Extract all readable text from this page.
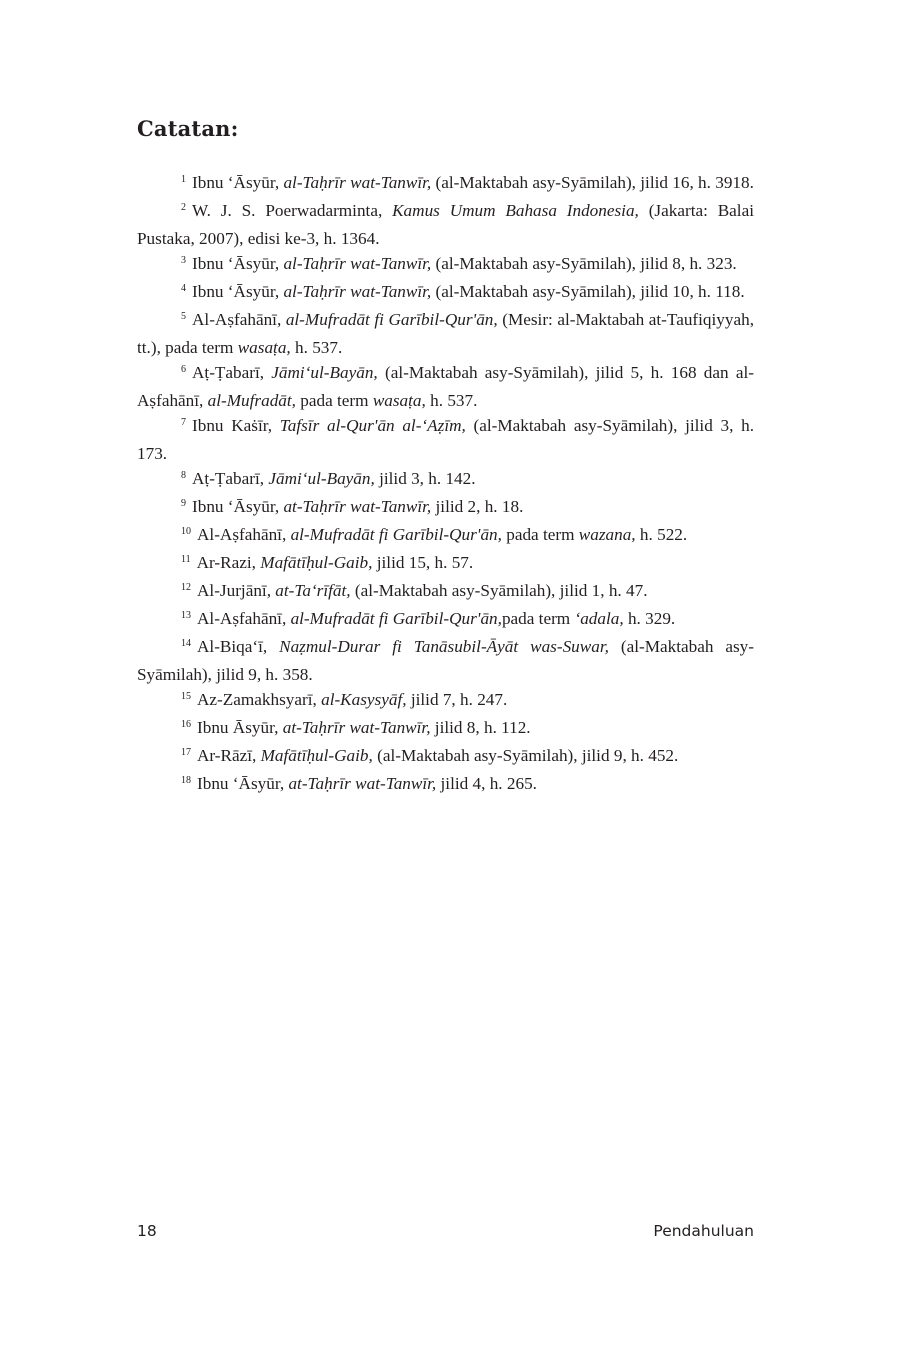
Catatan:

$^1$ Ibnu ‘Āsyūr, al-Taḥrīr wat-Tanwīr, (al-Maktabah asy-Syāmilah), jilid 16, h. 3918.

$^2$ W. J. S. Poerwadarminta, Kamus Umum Bahasa Indonesia, (Jakarta: Balai Pustaka, 2007), edisi ke-3, h. 1364.

$^3$ Ibnu ‘Āsyūr, al-Taḥrīr wat-Tanwīr, (al-Maktabah asy-Syāmilah), jilid 8, h. 323.

$^4$ Ibnu ‘Āsyūr, al-Taḥrīr wat-Tanwīr, (al-Maktabah asy-Syāmilah), jilid 10, h. 118.

$^5$ Al-Aṣfahānī, al-Mufradāt fi Garībil-Qur'ān, (Mesir: al-Maktabah at-Taufiqiyyah, tt.), pada term wasaṭa, h. 537.

$^6$ Aṭ-Ṭabarī, Jāmi‘ul-Bayān, (al-Maktabah asy-Syāmilah), jilid 5, h. 168 dan al-Aṣfahānī, al-Mufradāt, pada term wasaṭa, h. 537.

$^7$ Ibnu Kaṡīr, Tafsīr al-Qur'ān al-‘Aẓīm, (al-Maktabah asy-Syāmilah), jilid 3, h. 173.

$^8$ Aṭ-Ṭabarī, Jāmi‘ul-Bayān, jilid 3, h. 142.

$^9$ Ibnu ‘Āsyūr, at-Taḥrīr wat-Tanwīr, jilid 2, h. 18.

$^{10}$ Al-Aṣfahānī, al-Mufradāt fi Garībil-Qur'ān, pada term wazana, h. 522.

$^{11}$ Ar-Razi, Mafātīḥul-Gaib, jilid 15, h. 57.

$^{12}$ Al-Jurjānī, at-Ta‘rīfāt, (al-Maktabah asy-Syāmilah), jilid 1, h. 47.

$^{13}$ Al-Aṣfahānī, al-Mufradāt fi Garībil-Qur'ān,pada term ‘adala, h. 329.

$^{14}$ Al-Biqa‘ī, Naẓmul-Durar fi Tanāsubil-Āyāt was-Suwar, (al-Maktabah asy-Syāmilah), jilid 9, h. 358.

$^{15}$ Az-Zamakhsyarī, al-Kasysyāf, jilid 7, h. 247.

$^{16}$ Ibnu Āsyūr, at-Taḥrīr wat-Tanwīr, jilid 8, h. 112.

$^{17}$ Ar-Rāzī, Mafātīḥul-Gaib, (al-Maktabah asy-Syāmilah), jilid 9, h. 452.

$^{18}$ Ibnu ‘Āsyūr, at-Taḥrīr wat-Tanwīr, jilid 4, h. 265.

18	Pendahuluan
